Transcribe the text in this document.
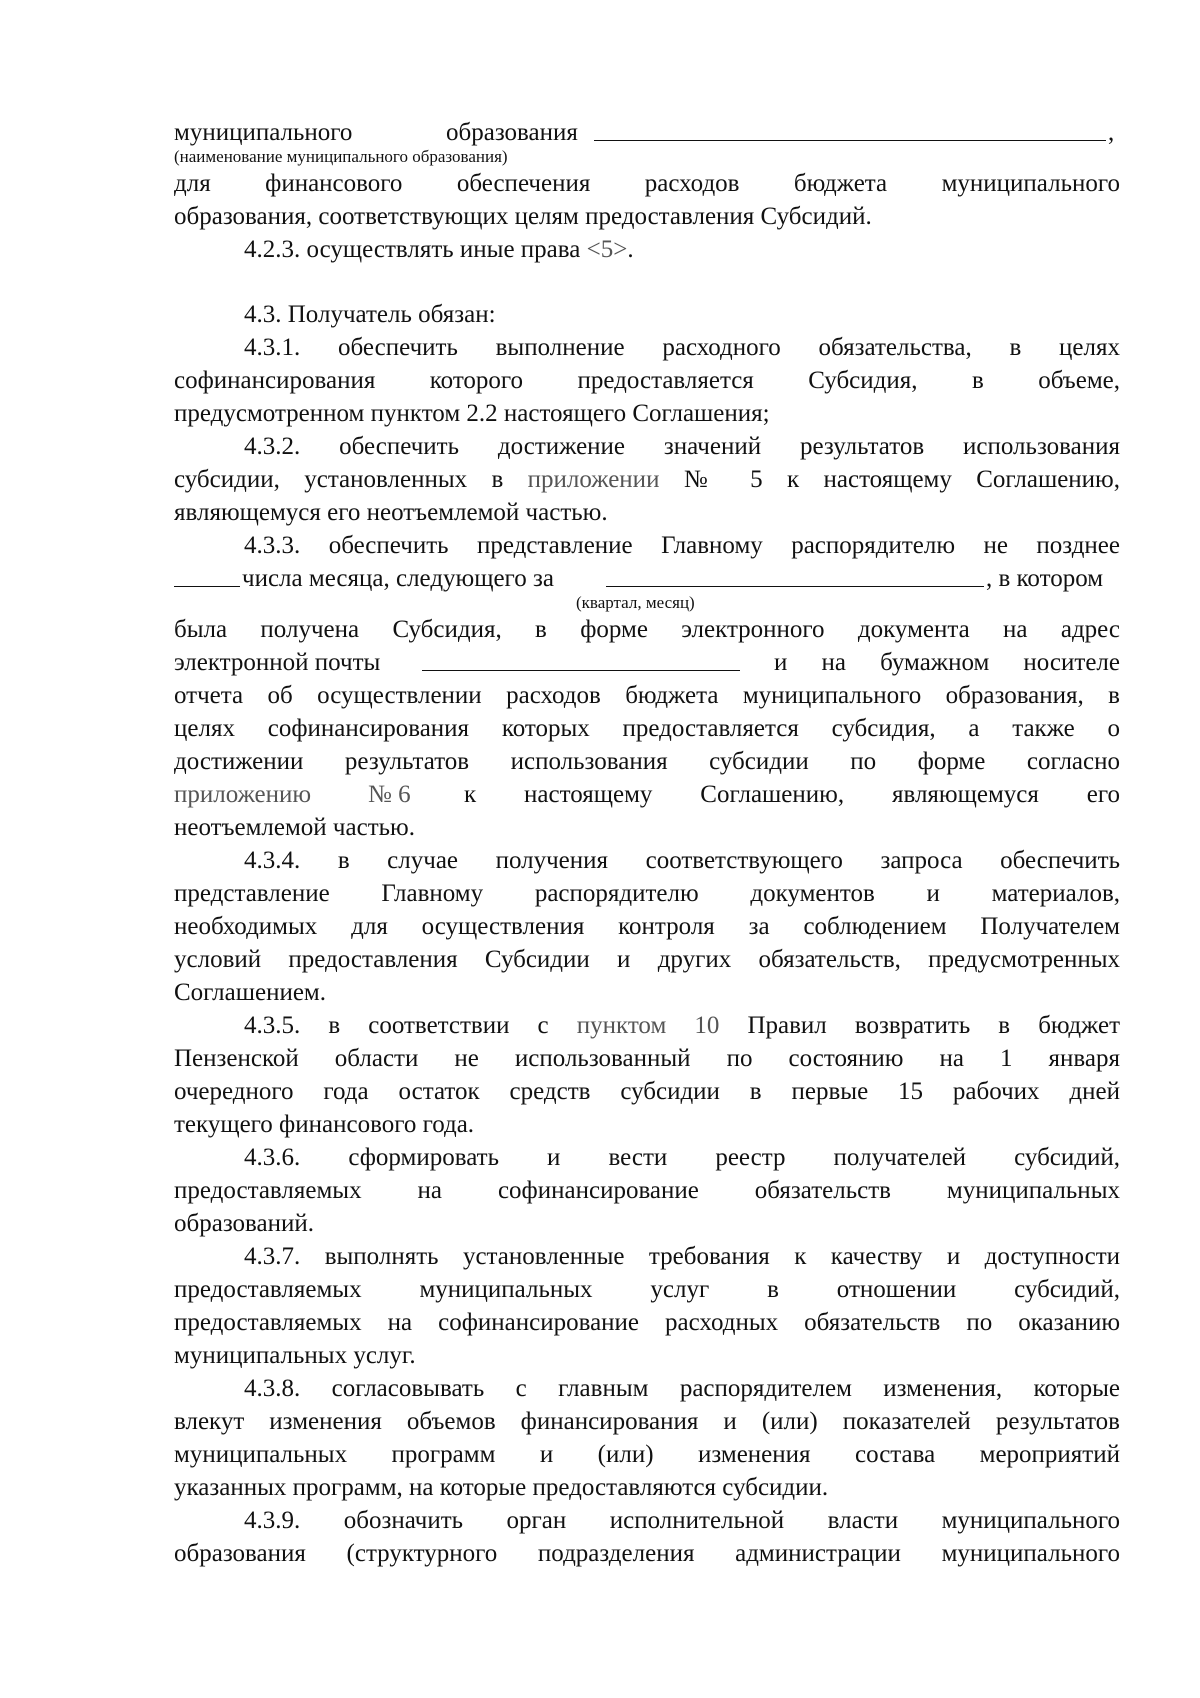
муниципального	образования	,
(наименование муниципального образования)

для финансового обеспечения расходов бюджета муниципального

образования, соответствующих целям предоставления Субсидий.

4.2.3. осуществлять иные права <5>.

4.3. Получатель обязан:

4.3.1. обеспечить выполнение расходного обязательства, в целях

софинансирования которого предоставляется Субсидия, в объеме,

предусмотренном пунктом 2.2 настоящего Соглашения;

4.3.2. обеспечить достижение значений результатов использования

субсидии, установленных в приложении № 5 к настоящему Соглашению,

являющемуся его неотъемлемой частью.

4.3.3. обеспечить представление Главному распорядителю не позднее

числа месяца, следующего за	, в котором
(квартал, месяц)

была получена Субсидия, в форме электронного документа на адрес

электронной почты	и на бумажном носителе

отчета об осуществлении расходов бюджета муниципального образования, в

целях софинансирования которых предоставляется субсидия, а также о

достижении результатов использования субсидии по форме согласно

приложению № 6 к настоящему Соглашению, являющемуся его

неотъемлемой частью.

4.3.4. в случае получения соответствующего запроса обеспечить

представление Главному распорядителю документов и материалов,

необходимых для осуществления контроля за соблюдением Получателем

условий предоставления Субсидии и других обязательств, предусмотренных

Соглашением.

4.3.5. в соответствии с пунктом 10 Правил возвратить в бюджет

Пензенской области не использованный по состоянию на 1 января

очередного года остаток средств субсидии в первые 15 рабочих дней

текущего финансового года.

4.3.6. сформировать и вести реестр получателей субсидий,

предоставляемых на софинансирование обязательств муниципальных

образований.

4.3.7. выполнять установленные требования к качеству и доступности

предоставляемых муниципальных услуг в отношении субсидий,

предоставляемых на софинансирование расходных обязательств по оказанию

муниципальных услуг.

4.3.8. согласовывать с главным распорядителем изменения, которые

влекут изменения объемов финансирования и (или) показателей результатов

муниципальных программ и (или) изменения состава мероприятий

указанных программ, на которые предоставляются субсидии.

4.3.9. обозначить орган исполнительной власти муниципального

образования (структурного подразделения администрации муниципального
